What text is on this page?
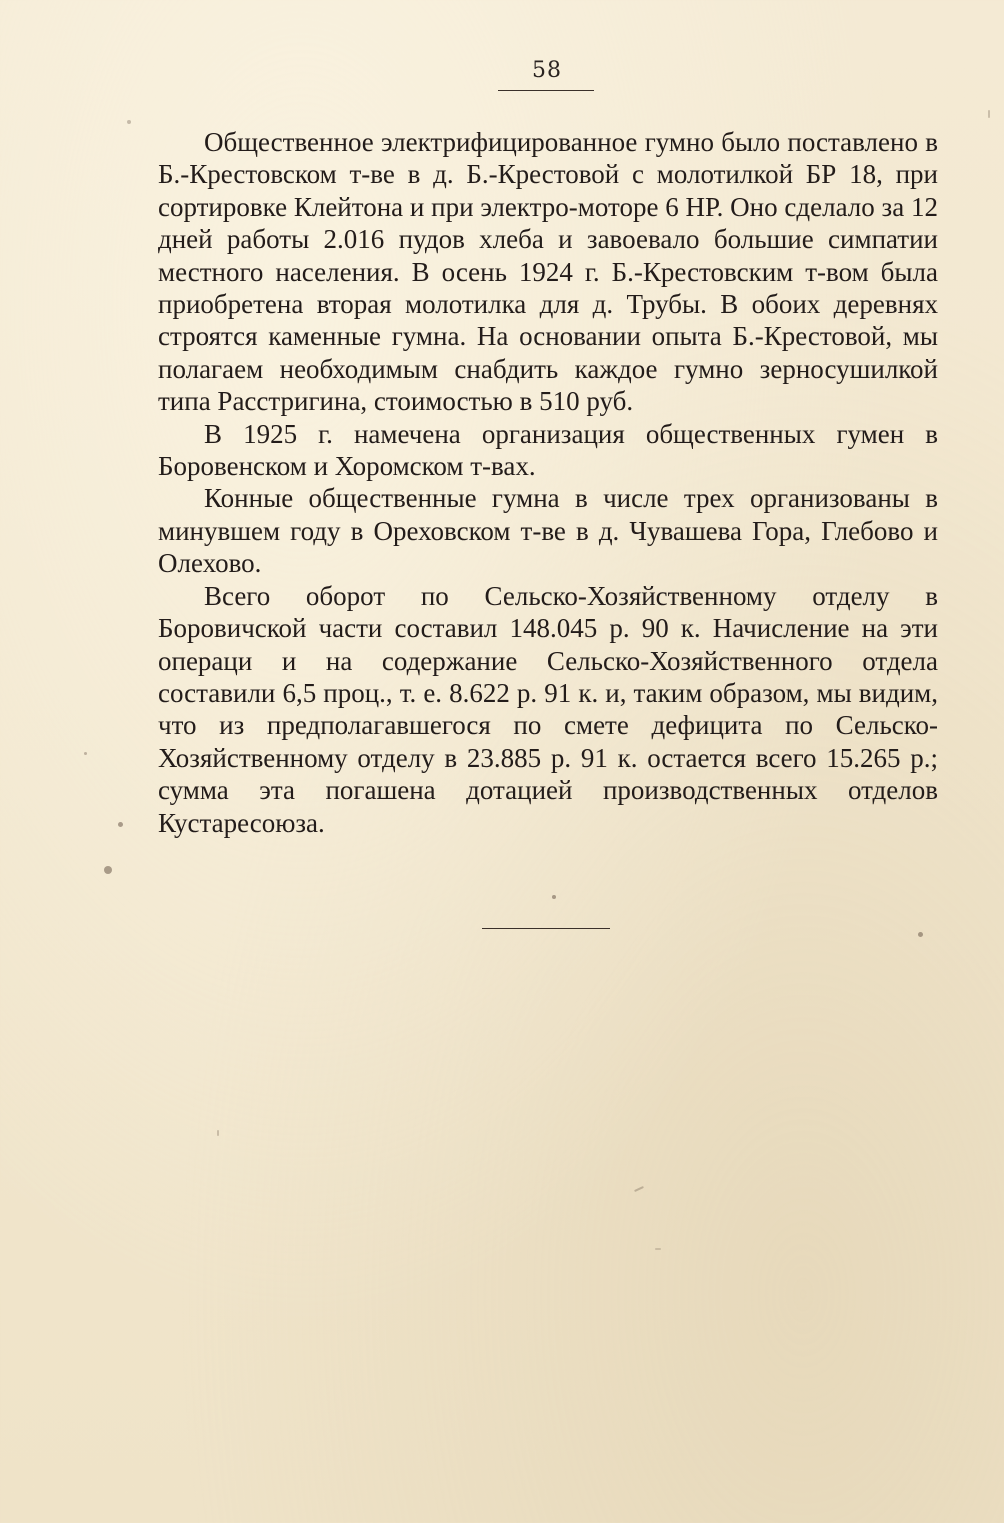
58

Общественное электрифицированное гумно было поставлено в Б.-Крестовском т-ве в д. Б.-Крестовой с молотилкой БР 18, при сортировке Клейтона и при электро-моторе 6 НР. Оно сделало за 12 дней работы 2.016 пудов хлеба и завоевало большие симпатии местного населения. В осень 1924 г. Б.-Крестовским т-вом была приобретена вторая молотилка для д. Трубы. В обоих деревнях строятся каменные гумна. На основании опыта Б.-Крестовой, мы полагаем необходимым снабдить каждое гумно зерносушилкой типа Расстригина, стоимостью в 510 руб.

В 1925 г. намечена организация общественных гумен в Боровенском и Хоромском т-вах.

Конные общественные гумна в числе трех организованы в минувшем году в Ореховском т-ве в д. Чувашева Гора, Глебово и Олехово.

Всего оборот по Сельско-Хозяйственному отделу в Боровичской части составил 148.045 р. 90 к. Начисление на эти операци и на содержание Сельско-Хозяйственного отдела составили 6,5 проц., т. е. 8.622 р. 91 к. и, таким образом, мы видим, что из предполагавшегося по смете дефицита по Сельско-Хозяйственному отделу в 23.885 р. 91 к. остается всего 15.265 р.; сумма эта погашена дотацией производственных отделов Кустаресоюза.
